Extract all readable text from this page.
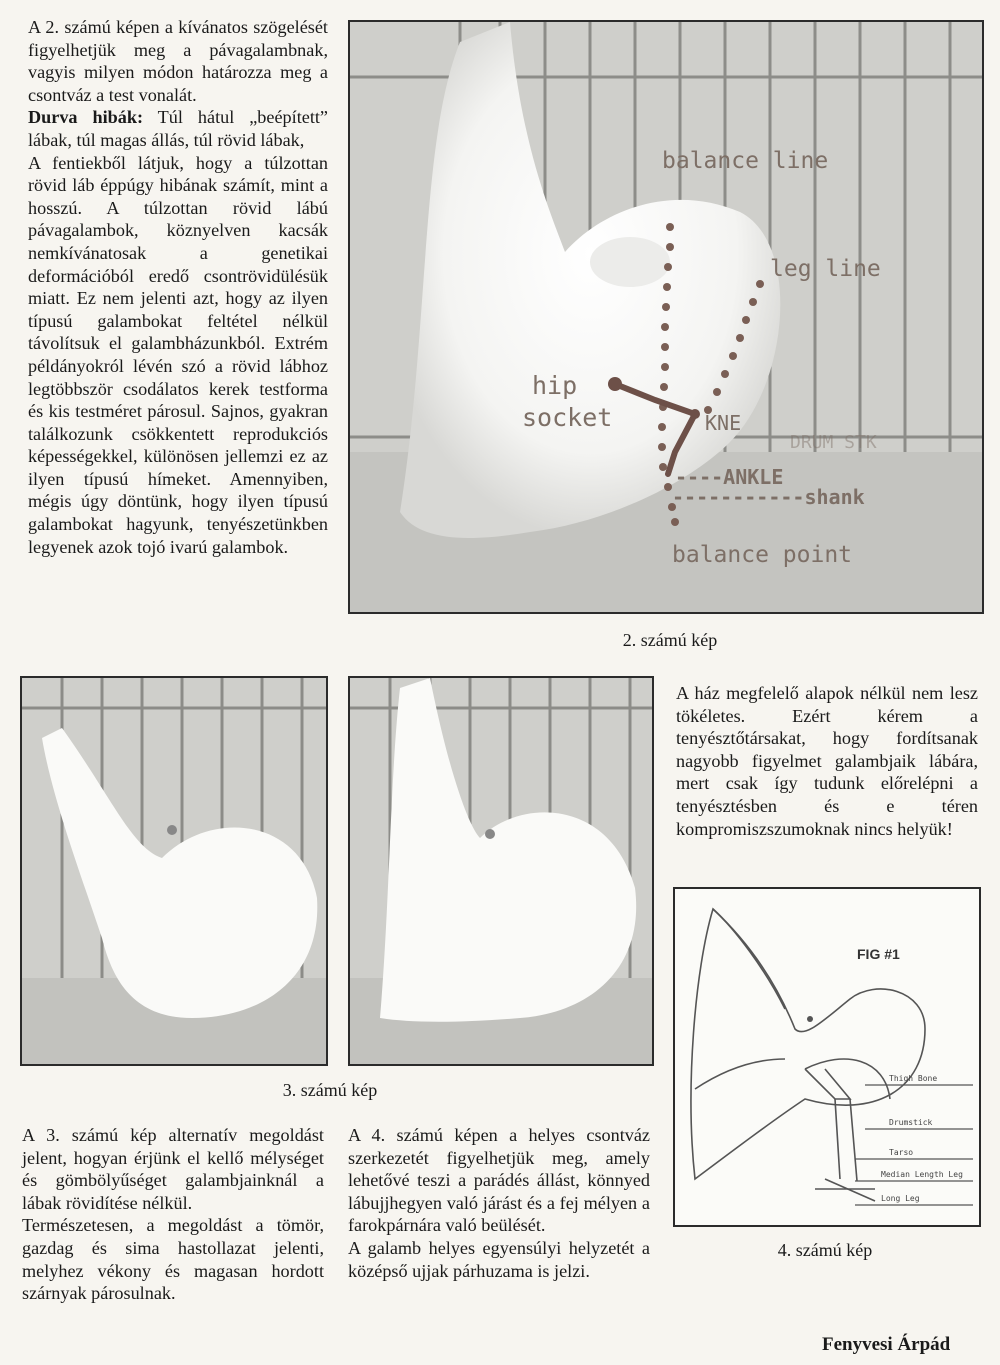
A 2. számú képen a kívánatos szögelését figyelhetjük meg a pávagalambnak, vagyis milyen módon határozza meg a csontváz a test vonalát.

Durva hibák: Túl hátul „beépített” lábak, túl magas állás, túl rövid lábak,

A fentiekből látjuk, hogy a túlzottan rövid láb éppúgy hibának számít, mint a hosszú. A túlzottan rövid lábú pávagalambok, köznyelven kacsák nemkívánatosak a genetikai deformációból eredő csontrövidülésük miatt. Ez nem jelenti azt, hogy az ilyen típusú galambokat feltétel nélkül távolítsuk el galambházunkból. Extrém példányokról lévén szó a rövid lábhoz legtöbbször csodálatos kerek testforma és kis testméret párosul. Sajnos, gyakran találkozunk csökkentett reprodukciós képességekkel, különösen jellemzi ez az ilyen típusú hímeket. Amennyiben, mégis úgy döntünk, hogy ilyen típusú galambokat hagyunk, tenyészetünkben legyenek azok tojó ivarú galambok.

balance line
leg line
hip
socket	KNE
DRUM STK
----ANKLE
-----------shank
balance point
2. számú kép
3. számú kép

A ház megfelelő alapok nélkül nem lesz tökéletes. Ezért kérem a tenyésztőtársakat, hogy fordítsanak nagyobb figyelmet galambjaik lábára, mert csak így tudunk előrelépni a tenyésztésben és e téren kompromiszszumoknak nincs helyük!

FIG #1
Thigh Bone
Drumstick
Tarso
Median Length Leg
Long Leg
4. számú kép

A 3. számú kép alternatív megoldást jelent, hogyan érjünk el kellő mélységet és gömbölyűséget galambjainknál a lábak rövidítése nélkül.

Természetesen, a megoldást a tömör, gazdag és sima hastollazat jelenti, melyhez vékony és magasan hordott szárnyak párosulnak.

A 4. számú képen a helyes csontváz szerkezetét figyelhetjük meg, amely lehetővé teszi a parádés állást, könnyed lábujjhegyen való járást és a fej mélyen a farokpárnára való beülését.

A galamb helyes egyensúlyi helyzetét a középső ujjak párhuzama is jelzi.

Fenyvesi Árpád
